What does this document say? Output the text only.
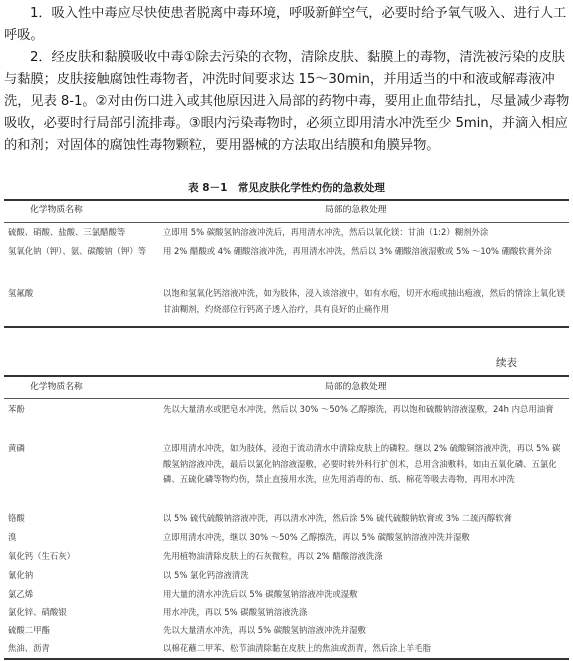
1．吸入性中毒应尽快使患者脱离中毒环境，呼吸新鲜空气，必要时给予氧气吸入、进行人工呼吸。
2．经皮肤和黏膜吸收中毒①除去污染的衣物，清除皮肤、黏膜上的毒物，清洗被污染的皮肤与黏膜；皮肤接触腐蚀性毒物者，冲洗时间要求达 15～30min，并用适当的中和液或解毒液冲洗，见表 8-1。②对由伤口进入或其他原因进入局部的药物中毒，要用止血带结扎，尽量减少毒物吸收，必要时行局部引流排毒。③眼内污染毒物时，必须立即用清水冲洗至少 5min，并滴入相应的和剂；对固体的腐蚀性毒物颗粒，要用器械的方法取出结膜和角膜异物。
表 8－1　常见皮肤化学性灼伤的急救处理
化学物质名称	局部的急救处理
硫酸、硝酸、盐酸、三氯醋酸等	立即用 5% 碳酸氢钠溶液冲洗后，再用清水冲洗，然后以氧化镁：甘油（1:2）糊剂外涂
氢氧化钠（钾）、氨、碳酸钠（钾）等	用 2% 醋酸或 4% 硼酸溶液冲洗，再用清水冲洗，然后以 3% 硼酸溶液湿敷或 5% ～10% 硼酸软膏外涂
氢氟酸	以饱和氢氧化钙溶液冲洗，如为肢体，浸入该溶液中，如有水疱，切开水疱或抽出疱液，然后的情涂上氧化镁甘油糊剂，灼烧部位行钙离子透入治疗，具有良好的止痛作用
续表
化学物质名称	局部的急救处理
苯酚	先以大量清水或肥皂水冲洗，然后以 30% ～50% 乙醇擦洗，再以饱和硫酸钠溶液湿敷，24h 内总用油膏
黄磷	立即用清水冲洗，如为肢体，浸泡于流动清水中清除皮肤上的磷粒。继以 2% 硫酸铜溶液冲洗，再以 5% 碳酸氢钠溶液冲洗，最后以氯化钠溶液湿敷，必要时转外科行扩创术，总用含油敷料，如由五氧化磷、五氯化磷、五硫化磷等物灼伤，禁止直接用水洗，应先用消毒的布、纸、棉花等吸去毒物，再用水冲洗
铬酸	以 5% 硫代硫酸钠溶液冲洗，再以清水冲洗，然后涂 5% 硫代硫酸钠软膏或 3% 二巯丙醇软膏
溴	立即用清水冲洗，继以 30% ～50% 乙醇擦洗，再以 5% 碳酸氢钠溶液冲洗并湿敷
氧化钙（生石灰）	先用植物油清除皮肤上的石灰微粒，再以 2% 醋酸溶液洗涤
氰化钠	以 5% 氯化钙溶液清洗
氯乙烯	用大量的清水冲洗后以 5% 碳酸氢钠溶液冲洗或湿敷
氯化锌、硝酸银	用水冲洗，再以 5% 碳酸氢钠溶液洗涤
硫酸二甲酯	先以大量清水冲洗，再以 5% 碳酸氢钠溶液冲洗并湿敷
焦油、沥青	以棉花蘸二甲苯、松节油清除黏在皮肤上的焦油或沥青，然后涂上羊毛脂
